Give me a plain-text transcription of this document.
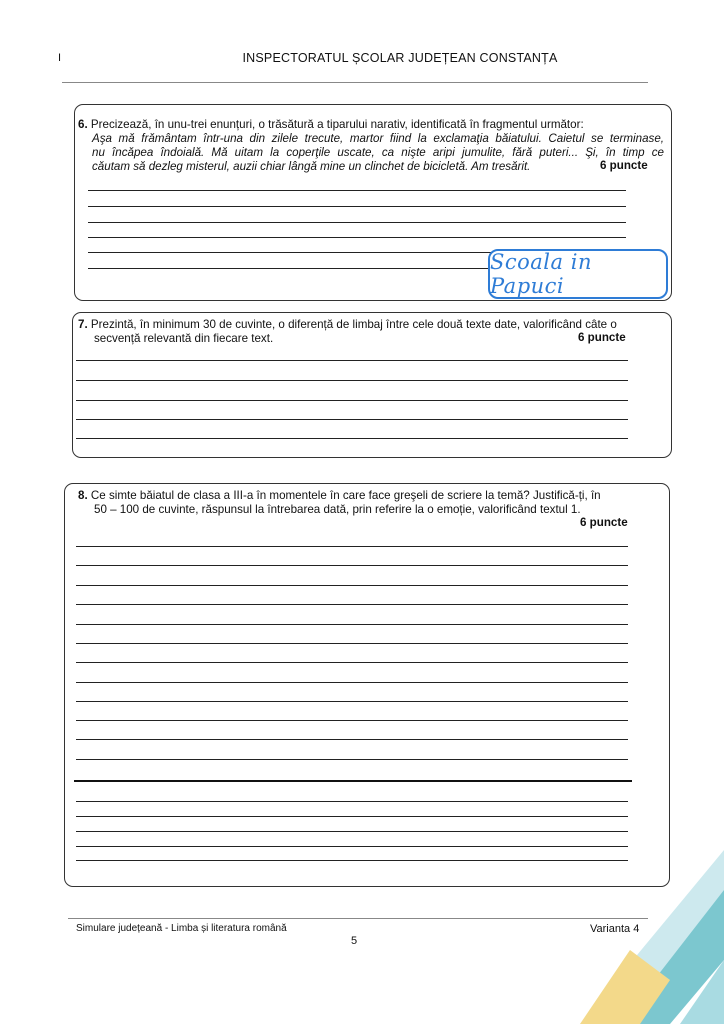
I	INSPECTORATUL ȘCOLAR JUDEȚEAN CONSTANȚA
6. Precizează, în unu-trei enunțuri, o trăsătură a tiparului narativ, identificată în fragmentul următor:
Aşa mă frământam într-una din zilele trecute, martor fiind la exclamaţia băiatului. Caietul se terminase,
nu încăpea îndoială. Mă uitam la coperţile uscate, ca nişte aripi jumulite, fără puteri... Şi, în timp ce
căutam să dezleg misterul, auzii chiar lângă mine un clinchet de bicicletă. Am tresărit.	6 puncte
Scoala in Papuci
7. Prezintă, în minimum 30 de cuvinte, o diferență de limbaj între cele două texte date, valorificând câte o
secvență relevantă din fiecare text.	6 puncte
8. Ce simte băiatul de clasa a III-a în momentele în care face greşeli de scriere la temă? Justifică-ți, în
50 – 100 de cuvinte, răspunsul la întrebarea dată, prin referire la o emoție, valorificând textul 1.
6 puncte
Simulare județeană - Limba și literatura română	Varianta 4
5
